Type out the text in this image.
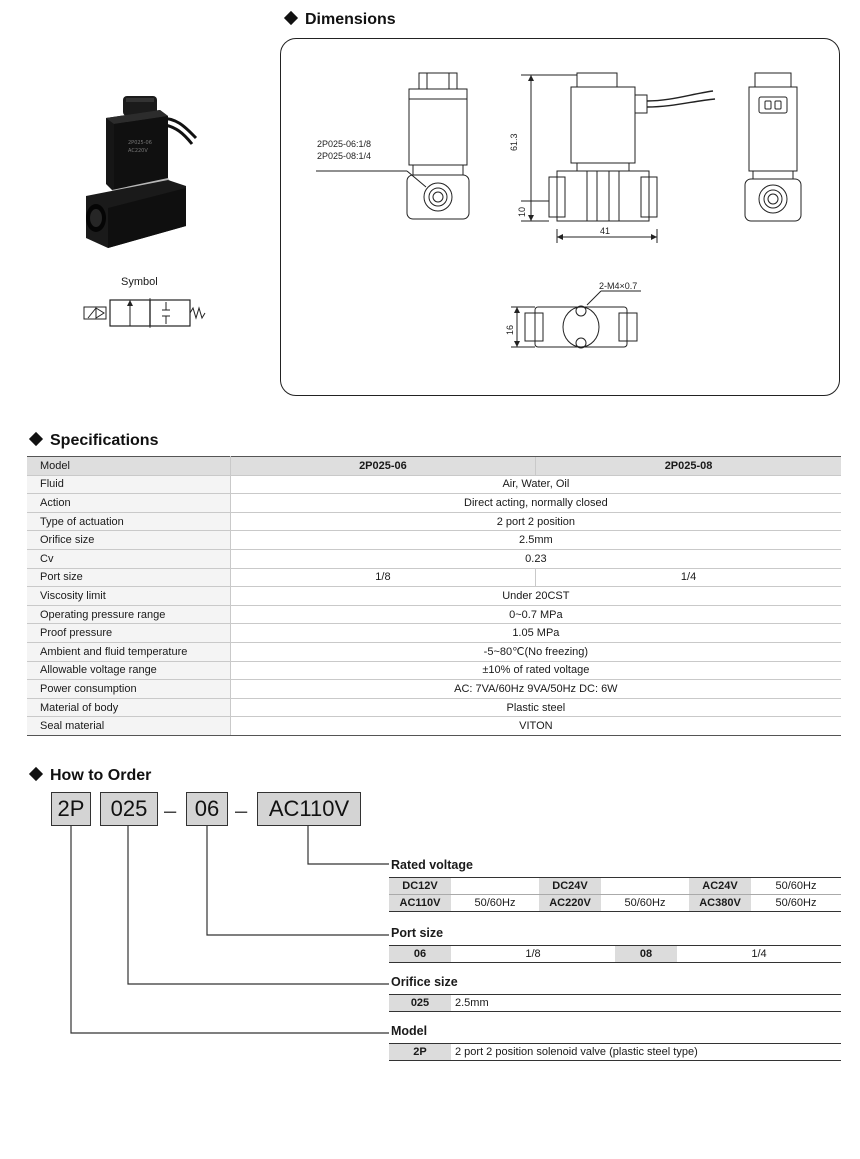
2P025-06
AC220V
Symbol
Dimensions
2P025-06:1/8
2P025-08:1/4
61.3
10
41
2-M4×0.7
16
Specifications
Model	2P025-06	2P025-08
Fluid	Air, Water, Oil	
Action	Direct acting, normally closed	
Type of actuation	2 port 2 position	
Orifice size	2.5mm	
Cv	0.23	
Port size	1/8	1/4
Viscosity limit	Under 20CST	
Operating pressure range	0~0.7 MPa	
Proof pressure	1.05 MPa	
Ambient and fluid temperature	-5~80℃(No freezing)	
Allowable voltage range	±10% of rated voltage	
Power consumption	AC: 7VA/60Hz 9VA/50Hz DC: 6W	
Material of body	Plastic steel	
Seal material	VITON	
How to Order
2P	025 – 06 – AC110V
Rated voltage
DC12V		DC24V		AC24V	50/60Hz
AC110V	50/60Hz	AC220V	50/60Hz	AC380V	50/60Hz
Port size
06	1/8	08	1/4
Orifice size
025	2.5mm
Model
2P	2 port 2 position solenoid valve (plastic steel type)
